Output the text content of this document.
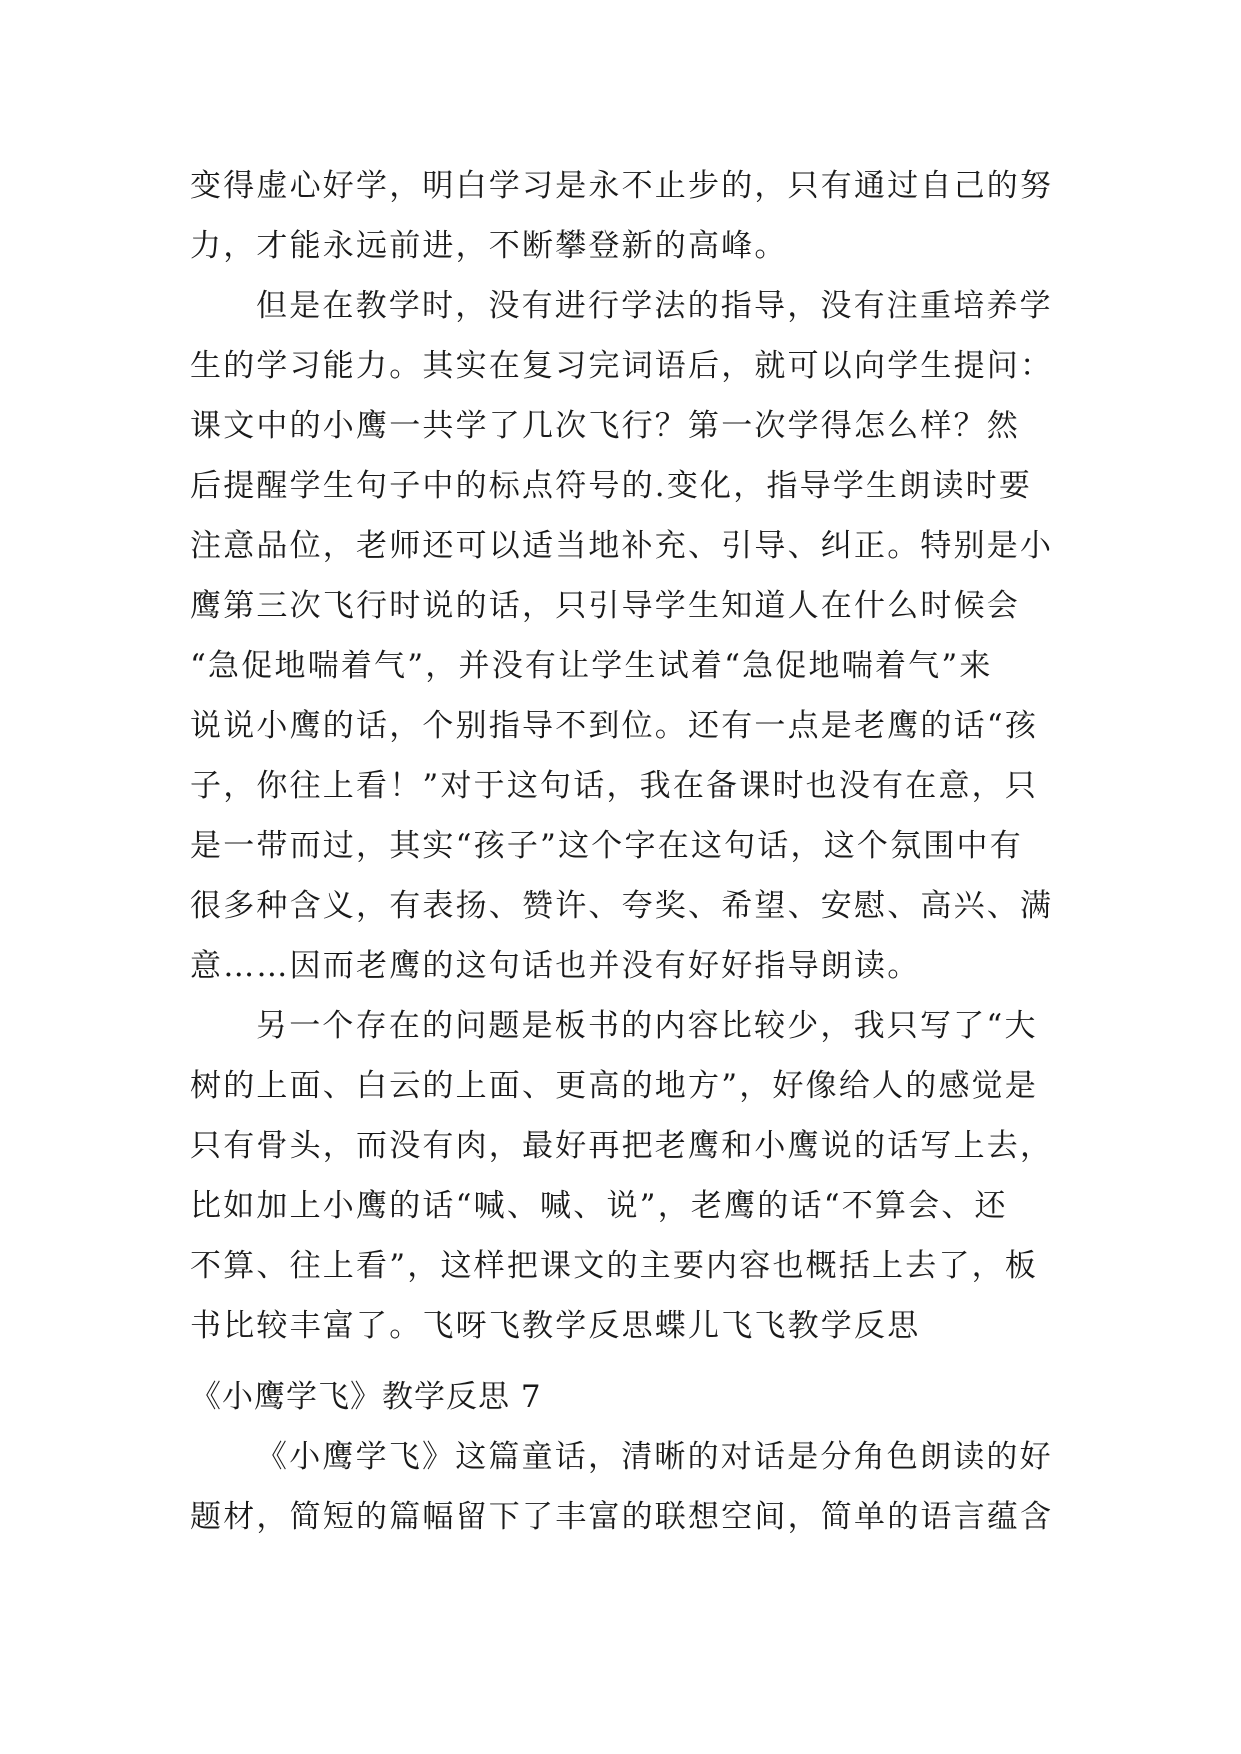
变得虚心好学，明白学习是永不止步的，只有通过自己的努
力，才能永远前进，不断攀登新的高峰。
但是在教学时，没有进行学法的指导，没有注重培养学
生的学习能力。其实在复习完词语后，就可以向学生提问：
课文中的小鹰一共学了几次飞行？第一次学得怎么样？然
后提醒学生句子中的标点符号的.变化，指导学生朗读时要
注意品位，老师还可以适当地补充、引导、纠正。特别是小
鹰第三次飞行时说的话，只引导学生知道人在什么时候会
“急促地喘着气”，并没有让学生试着“急促地喘着气”来
说说小鹰的话，个别指导不到位。还有一点是老鹰的话“孩
子，你往上看！”对于这句话，我在备课时也没有在意，只
是一带而过，其实“孩子”这个字在这句话，这个氛围中有
很多种含义，有表扬、赞许、夸奖、希望、安慰、高兴、满
意……因而老鹰的这句话也并没有好好指导朗读。
另一个存在的问题是板书的内容比较少，我只写了“大
树的上面、白云的上面、更高的地方”，好像给人的感觉是
只有骨头，而没有肉，最好再把老鹰和小鹰说的话写上去，
比如加上小鹰的话“喊、喊、说”，老鹰的话“不算会、还
不算、往上看”，这样把课文的主要内容也概括上去了，板
书比较丰富了。飞呀飞教学反思蝶儿飞飞教学反思
《小鹰学飞》教学反思 7
《小鹰学飞》这篇童话，清晰的对话是分角色朗读的好
题材，简短的篇幅留下了丰富的联想空间，简单的语言蕴含
